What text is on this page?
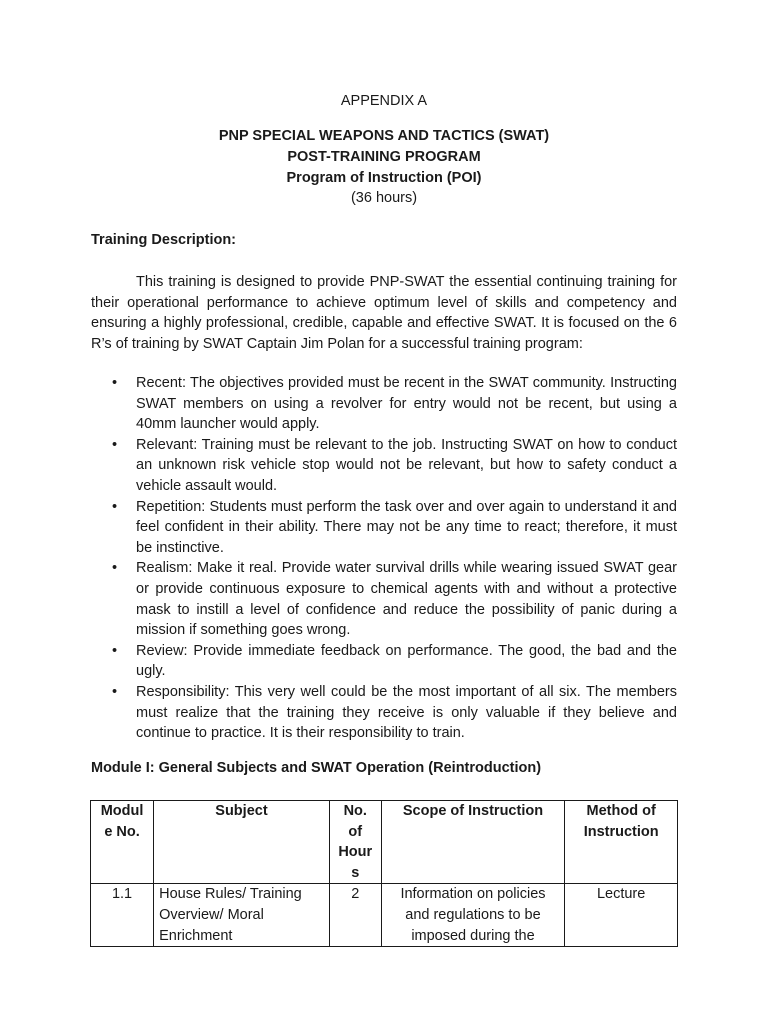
APPENDIX A
PNP SPECIAL WEAPONS AND TACTICS (SWAT)
POST-TRAINING PROGRAM
Program of Instruction (POI)
(36 hours)
Training Description:

This training is designed to provide PNP-SWAT the essential continuing training for their operational performance to achieve optimum level of skills and competency and ensuring a highly professional, credible, capable and effective SWAT. It is focused on the 6 R’s of training by SWAT Captain Jim Polan for a successful training program:

• Recent: The objectives provided must be recent in the SWAT community. Instructing SWAT members on using a revolver for entry would not be recent, but using a 40mm launcher would apply.
• Relevant: Training must be relevant to the job. Instructing SWAT on how to conduct an unknown risk vehicle stop would not be relevant, but how to safety conduct a vehicle assault would.
• Repetition: Students must perform the task over and over again to understand it and feel confident in their ability. There may not be any time to react; therefore, it must be instinctive.
• Realism: Make it real. Provide water survival drills while wearing issued SWAT gear or provide continuous exposure to chemical agents with and without a protective mask to instill a level of confidence and reduce the possibility of panic during a mission if something goes wrong.
• Review: Provide immediate feedback on performance. The good, the bad and the ugly.
• Responsibility: This very well could be the most important of all six. The members must realize that the training they receive is only valuable if they believe and continue to practice. It is their responsibility to train.
Module I: General Subjects and SWAT Operation (Reintroduction)
Modul e No.	Subject	No. of Hour s	Scope of Instruction	Method of Instruction
1.1	House Rules/ Training Overview/ Moral Enrichment	2	Information on policies and regulations to be imposed during the	Lecture
